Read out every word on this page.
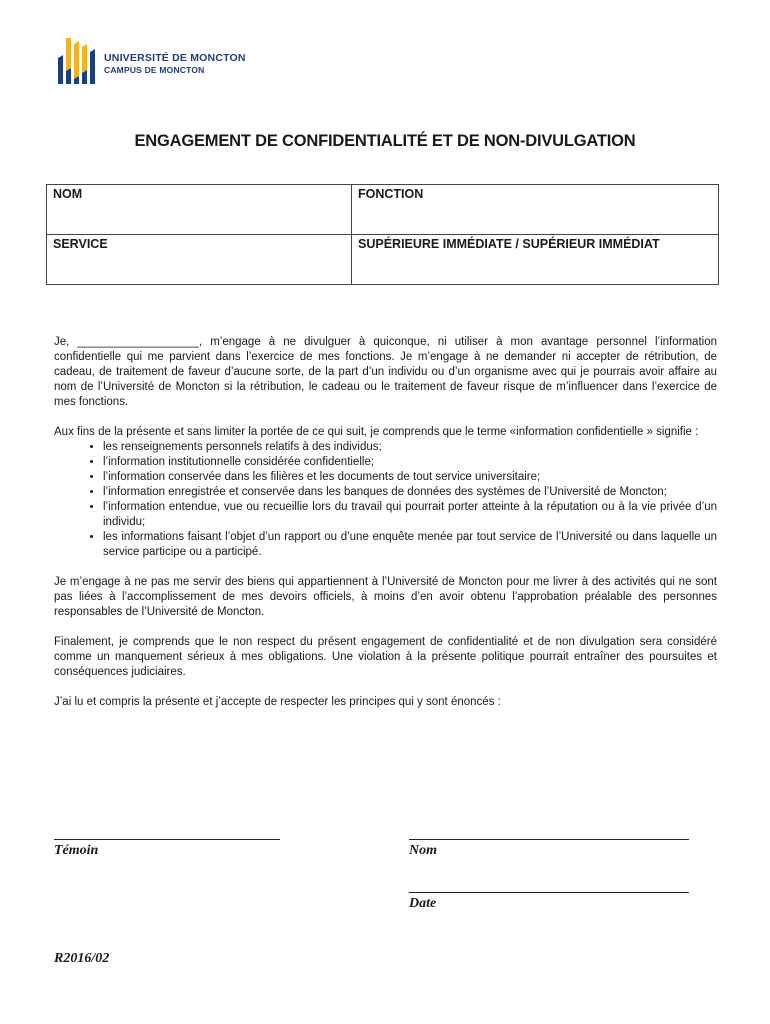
UNIVERSITÉ DE MONCTON
CAMPUS DE MONCTON
ENGAGEMENT DE CONFIDENTIALITÉ ET DE NON-DIVULGATION
NOM	FONCTION
SERVICE	SUPÉRIEURE IMMÉDIATE / SUPÉRIEUR IMMÉDIAT

Je, ___________________, m’engage à ne divulguer à quiconque, ni utiliser à mon avantage personnel l’information confidentielle qui me parvient dans l’exercice de mes fonctions. Je m’engage à ne demander ni accepter de rétribution, de cadeau, de traitement de faveur d’aucune sorte, de la part d’un individu ou d’un organisme avec qui je pourrais avoir affaire au nom de l’Université de Moncton si la rétribution, le cadeau ou le traitement de faveur risque de m’influencer dans l’exercice de mes fonctions.

Aux fins de la présente et sans limiter la portée de ce qui suit, je comprends que le terme «information confidentielle » signifie :

• les renseignements personnels relatifs à des individus;
• l’information institutionnelle considérée confidentielle;
• l’information conservée dans les filières et les documents de tout service universitaire;
• l’information enregistrée et conservée dans les banques de données des systèmes de l’Université de Moncton;
• l’information entendue, vue ou recueillie lors du travail qui pourrait porter atteinte à la réputation ou à la vie privée d’un individu;
• les informations faisant l’objet d’un rapport ou d’une enquête menée par tout service de l’Université ou dans laquelle un service participe ou a participé.

Je m’engage à ne pas me servir des biens qui appartiennent à l’Université de Moncton pour me livrer à des activités qui ne sont pas liées à l’accomplissement de mes devoirs officiels, à moins d’en avoir obtenu l’approbation préalable des personnes responsables de l’Université de Moncton.

Finalement, je comprends que le non respect du présent engagement de confidentialité et de non divulgation sera considéré comme un manquement sérieux à mes obligations. Une violation à la présente politique pourrait entraîner des poursuites et conséquences judiciaires.

J’ai lu et compris la présente et j’accepte de respecter les principes qui y sont énoncés :

Témoin	Nom
Date
R2016/02
